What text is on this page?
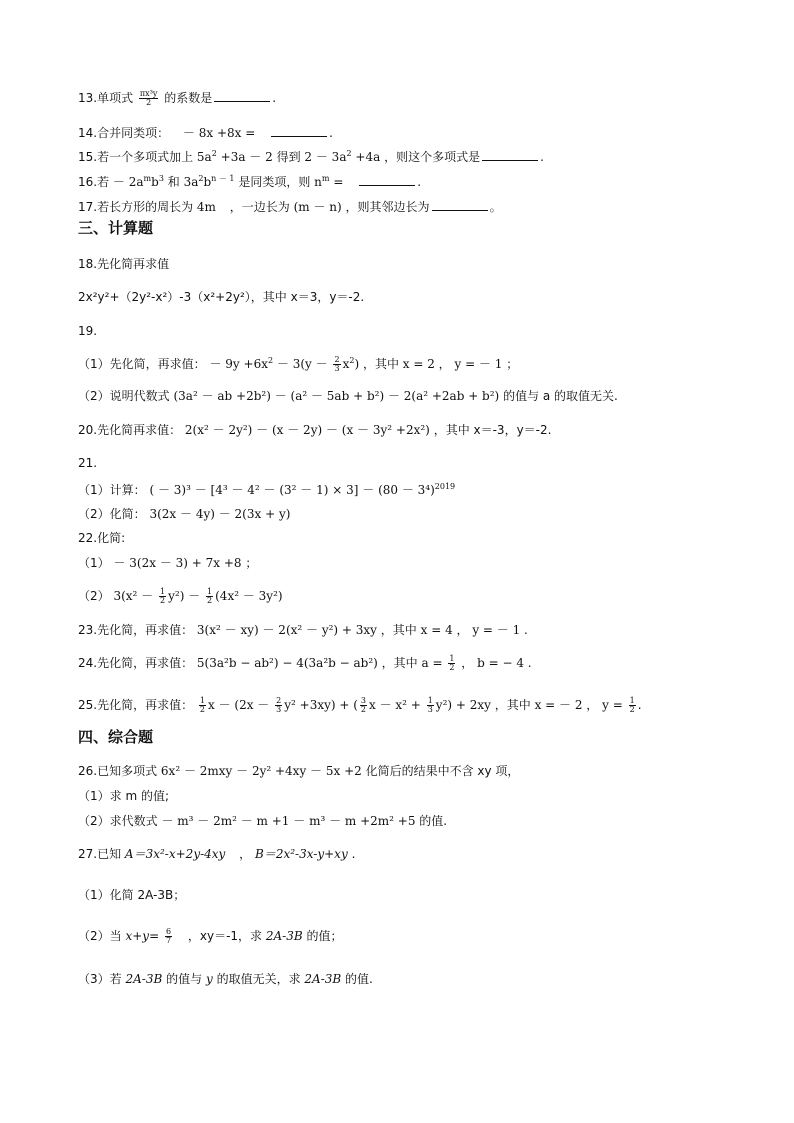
13.单项式 $\frac{\text{πx³y}}{2}$ 的系数是	.
14.合并同类项： － 8x +8x =	.
15.若一个多项式加上 $5a^2 +3a - 2$ 得到 $2 - 3a^2 +4a$ ，则这个多项式是	.
16.若 － $2a^mb^3$ 和 $3a^2b^{n - 1}$ 是同类项，则 $n^m$ =	.
17.若长方形的周长为 4m ，一边长为 (m － n) ，则其邻边长为	。
三、计算题
18.先化简再求值
2x²y²+（2y²-x²）-3（x²+2y²），其中 x＝3，y＝-2.
19.
（1）先化简，再求值： － $9y +6x^2 - 3(y - \frac{2}{3} x^2)$ ，其中 x = 2 ， y = － 1 ；
（2）说明代数式 (3a² － ab +2b²) － (a² － 5ab + b²) － 2(a² +2ab + b²) 的值与 a 的取值无关.
20.先化简再求值： 2(x² － 2y²) － (x － 2y) － (x － 3y² +2x²) ，其中 x＝-3，y＝-2.
21.
（1）计算： ( － $3)^3 - [4^3 - 4^2 - (3^2 - 1) \times 3] - (80 - 3^4)^{2019}$
（2）化简： 3(2x － 4y) － 2(3x + y)
22.化简:
（1） － 3(2x － 3) + 7x +8 ；
（2） $3(x^2 - \frac{1}{2} y^2) - \frac{1}{2} (4x^2 - 3y^2)$
23.先化简，再求值： 3(x² － xy) － 2(x² － y²) + 3xy ，其中 x = 4 ， y = － 1 .
24.先化简，再求值： 5(3a²b − ab²) − 4(3a²b − ab²) ，其中 $a = \frac{1}{2}$ ， b = − 4 .
25.先化简，再求值： $\frac{1}{2}$ $x - (2x - \frac{2}{3} y^2 +3xy)$ + ( $\frac{3}{2}$ $x - x^2 + \frac{1}{3} y^2) + 2xy$ ，其中 x = － 2 ， $y = \frac{1}{2}$ .
四、综合题
26.已知多项式 6x² － 2mxy － 2y² +4xy － 5x +2 化简后的结果中不含 xy 项，
（1）求 m 的值;
（2）求代数式 － m³ － 2m² － m +1 － m³ － m +2m² +5 的值.
27.已知 A＝3x²-x+2y-4xy ， B＝2x²-3x-y+xy .
（1）化简 2A-3B；
（2）当 $x+y= \frac{6}{7}$ ，xy＝-1，求 2A-3B 的值；
（3）若 2A-3B 的值与 y 的取值无关，求 2A-3B 的值.
